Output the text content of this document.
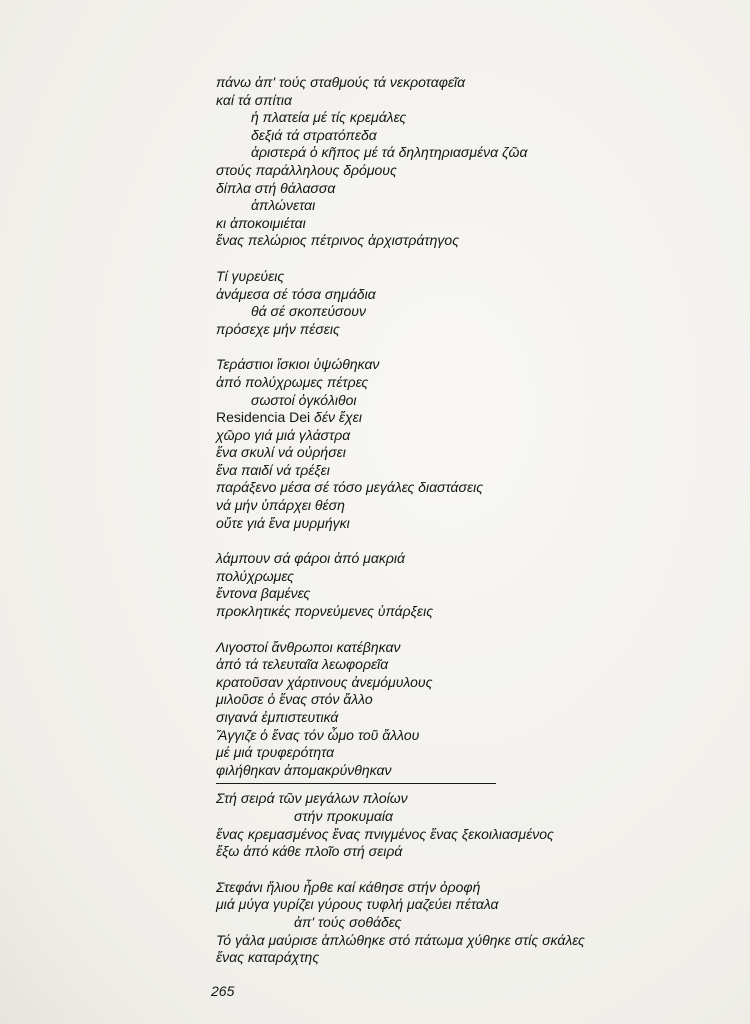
πάνω ἀπ' τούς σταθμούς τά νεκροταφεῖα
καί τά σπίτια
ἡ πλατεία μέ τίς κρεμάλες
δεξιά τά στρατόπεδα
ἀριστερά ὁ κῆπος μέ τά δηλητηριασμένα ζῶα
στούς παράλληλους δρόμους
δίπλα στή θάλασσα
ἁπλώνεται
κι ἀποκοιμιέται
ἕνας πελώριος πέτρινος ἀρχιστράτηγος
Τί γυρεύεις
ἀνάμεσα σέ τόσα σημάδια
θά σέ σκοπεύσουν
πρόσεχε μήν πέσεις
Τεράστιοι ἴσκιοι ὑψώθηκαν
ἀπό πολύχρωμες πέτρες
σωστοί ὀγκόλιθοι
Residencia Dei δέν ἔχει
χῶρο γιά μιά γλάστρα
ἕνα σκυλί νά οὐρήσει
ἕνα παιδί νά τρέξει
παράξενο μέσα σέ τόσο μεγάλες διαστάσεις
νά μήν ὑπάρχει θέση
οὔτε γιά ἕνα μυρμήγκι
λάμπουν σά φάροι ἀπό μακριά
πολύχρωμες
ἔντονα βαμένες
προκλητικές πορνεύμενες ὑπάρξεις
Λιγοστοί ἄνθρωποι κατέβηκαν
ἀπό τά τελευταῖα λεωφορεῖα
κρατοῦσαν χάρτινους ἀνεμόμυλους
μιλοῦσε ὁ ἕνας στόν ἄλλο
σιγανά ἐμπιστευτικά
Ἄγγιζε ὁ ἕνας τόν ὦμο τοῦ ἄλλου
μέ μιά τρυφερότητα
φιλήθηκαν ἀπομακρύνθηκαν
Στή σειρά τῶν μεγάλων πλοίων
στήν προκυμαία
ἕνας κρεμασμένος ἕνας πνιγμένος ἕνας ξεκοιλιασμένος
ἔξω ἀπό κάθε πλοῖο στή σειρά
Στεφάνι ἥλιου ἦρθε καί κάθησε στήν ὀροφή
μιά μύγα γυρίζει γύρους τυφλή μαζεύει πέταλα
ἀπ' τούς σοθάδες
Τό γάλα μαύρισε ἁπλώθηκε στό πάτωμα χύθηκε στίς σκάλες
ἕνας καταράχτης
265
